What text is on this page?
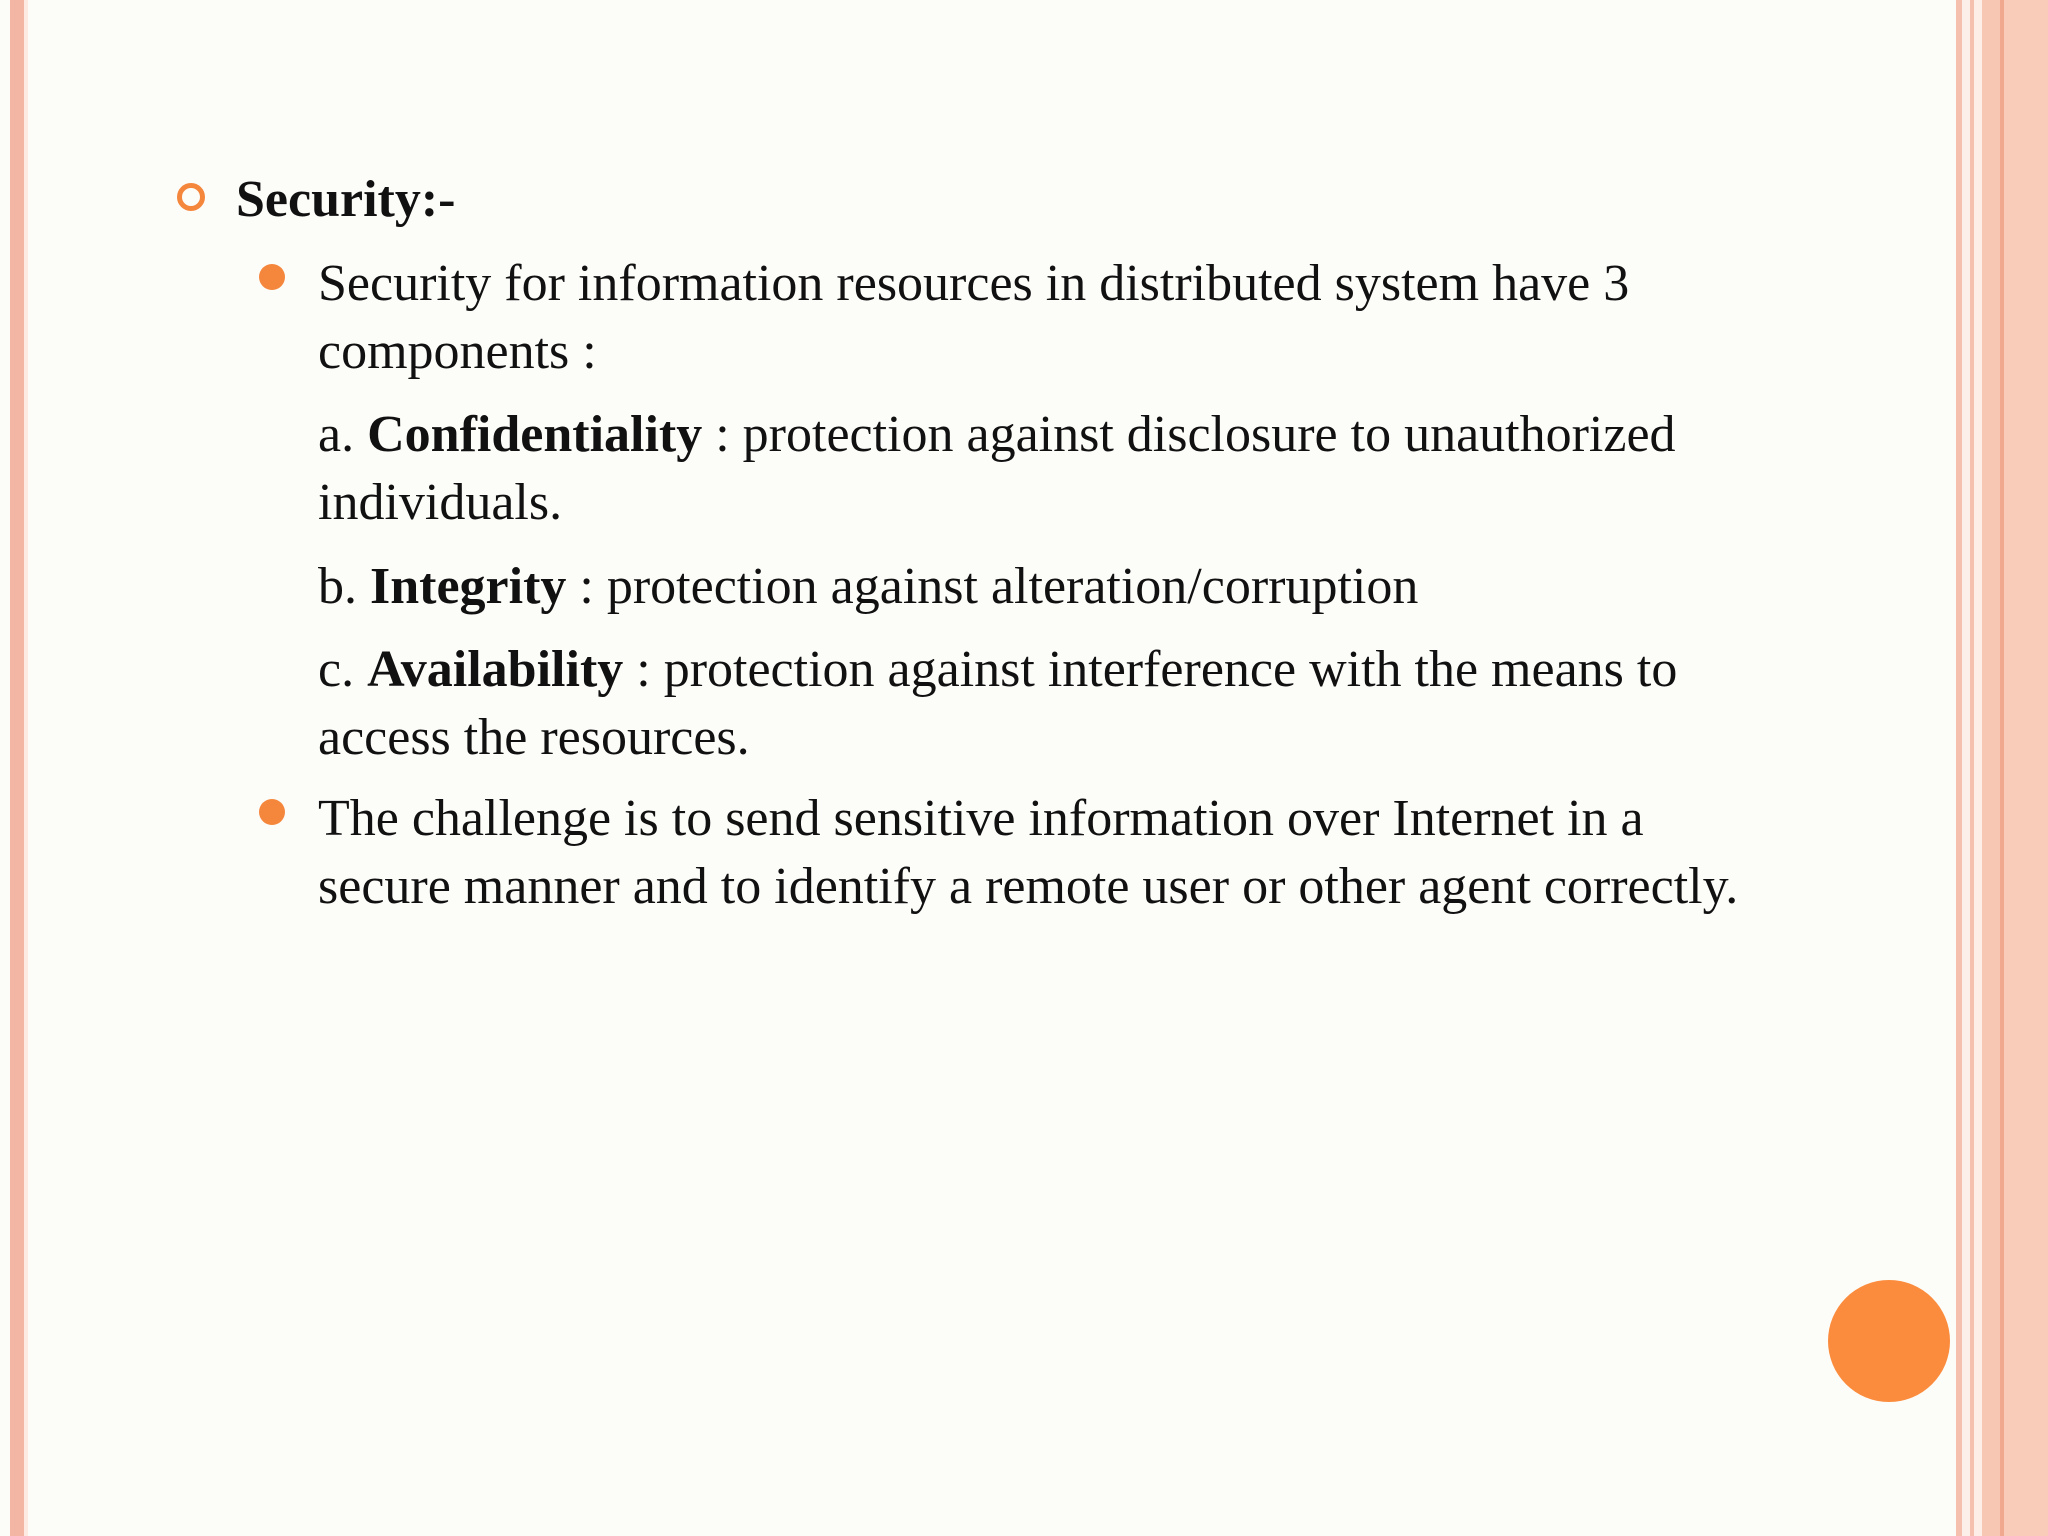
Security:-
Security for information resources in distributed system have 3 components :
a. Confidentiality : protection against disclosure to unauthorized individuals.
b. Integrity : protection against alteration/corruption
c. Availability : protection against interference with the means to access the resources.
The challenge is to send sensitive information over Internet in a secure manner and to identify a remote user or other agent correctly.
